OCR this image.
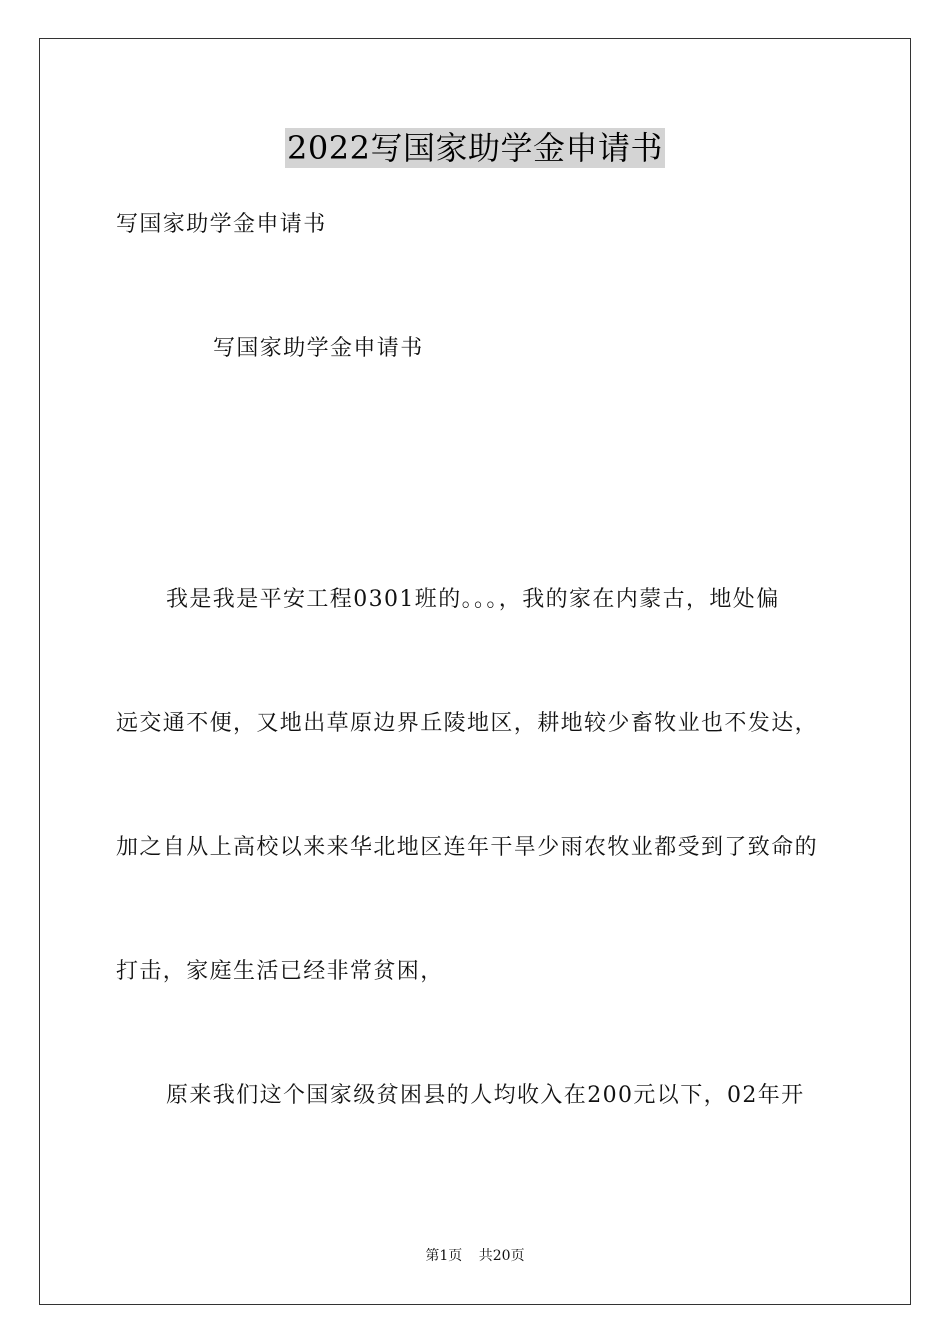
2022写国家助学金申请书
写国家助学金申请书
写国家助学金申请书
我是我是平安工程0301班的。。。，我的家在内蒙古，地处偏
远交通不便，又地出草原边界丘陵地区，耕地较少畜牧业也不发达，
加之自从上高校以来来华北地区连年干旱少雨农牧业都受到了致命的
打击，家庭生活已经非常贫困，
原来我们这个国家级贫困县的人均收入在200元以下，02年开
第1页 共20页
